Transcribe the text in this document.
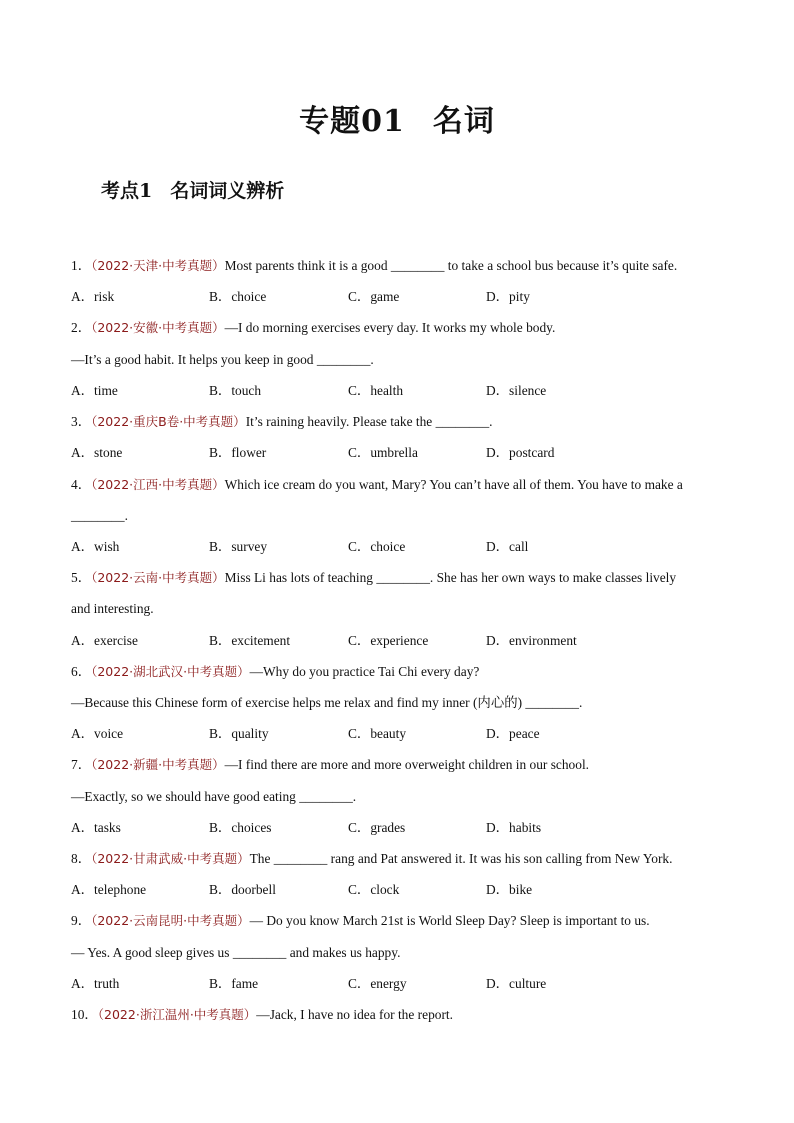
专题01 名词
考点1 名词词义辨析
1．（2022·天津·中考真题）Most parents think it is a good ________ to take a school bus because it’s quite safe.
A．risk	B．choice	C．game	D．pity
2．（2022·安徽·中考真题）—I do morning exercises every day. It works my whole body.
—It’s a good habit. It helps you keep in good ________.
A．time	B．touch	C．health	D．silence
3．（2022·重庆B卷·中考真题）It’s raining heavily. Please take the ________.
A．stone	B．flower	C．umbrella	D．postcard
4．（2022·江西·中考真题）Which ice cream do you want, Mary? You can’t have all of them. You have to make a
________.
A．wish	B．survey	C．choice	D．call
5．（2022·云南·中考真题）Miss Li has lots of teaching ________. She has her own ways to make classes lively
and interesting.
A．exercise	B．excitement	C．experience	D．environment
6．（2022·湖北武汉·中考真题）—Why do you practice Tai Chi every day?
—Because this Chinese form of exercise helps me relax and find my inner (内心的) ________.
A．voice	B．quality	C．beauty	D．peace
7．（2022·新疆·中考真题）—I find there are more and more overweight children in our school.
—Exactly, so we should have good eating ________.
A．tasks	B．choices	C．grades	D．habits
8．（2022·甘肃武威·中考真题）The ________ rang and Pat answered it. It was his son calling from New York.
A．telephone	B．doorbell	C．clock	D．bike
9．（2022·云南昆明·中考真题）— Do you know March 21st is World Sleep Day? Sleep is important to us.
— Yes. A good sleep gives us ________ and makes us happy.
A．truth	B．fame	C．energy	D．culture
10．（2022·浙江温州·中考真题）—Jack, I have no idea for the report.
